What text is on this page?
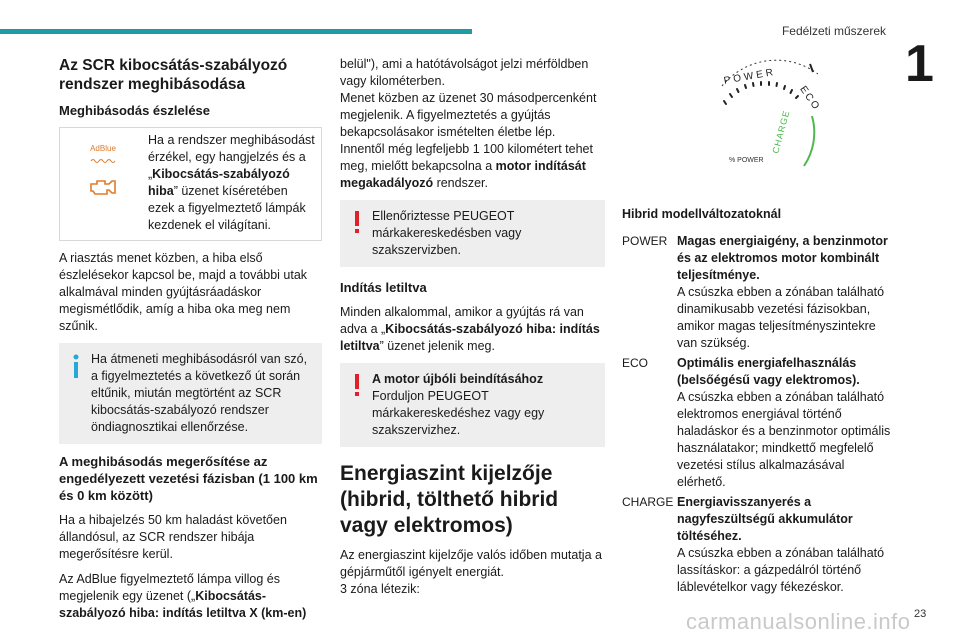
Fedélzeti műszerek
1
Az SCR kibocsátás-szabályozó rendszer meghibásodása
Meghibásodás észlelése
AdBlue
Ha a rendszer meghibásodást érzékel, egy hangjelzés és a „Kibocsátás-szabályozó hiba” üzenet kíséretében ezek a figyelmeztető lámpák kezdenek el világítani.

A riasztás menet közben, a hiba első észlelésekor kapcsol be, majd a további utak alkalmával minden gyújtásráadáskor megismétlődik, amíg a hiba oka meg nem szűnik.

Ha átmeneti meghibásodásról van szó, a figyelmeztetés a következő út során eltűnik, miután megtörtént az SCR kibocsátás-szabályozó rendszer öndiagnosztikai ellenőrzése.
A meghibásodás megerősítése az engedélyezett vezetési fázisban (1 100 km és 0 km között)

Ha a hibajelzés 50 km haladást követően állandósul, az SCR rendszer hibája megerősítésre kerül.

Az AdBlue figyelmeztető lámpa villog és megjelenik egy üzenet („Kibocsátás-szabályozó hiba: indítás letiltva X (km-en)

belül"), ami a hatótávolságot jelzi mérföldben vagy kilométerben.

Menet közben az üzenet 30 másodpercenként megjelenik. A figyelmeztetés a gyújtás bekapcsolásakor ismételten életbe lép.

Innentől még legfeljebb 1 100 kilométert tehet meg, mielőtt bekapcsolna a motor indítását megakadályozó rendszer.

Ellenőriztesse PEUGEOT márkakereskedésben vagy szakszervizben.
Indítás letiltva

Minden alkalommal, amikor a gyújtás rá van adva a „Kibocsátás-szabályozó hiba: indítás letiltva” üzenet jelenik meg.

A motor újbóli beindításához
Forduljon PEUGEOT márkakereskedéshez vagy egy szakszervizhez.
Energiaszint kijelzője (hibrid, tölthető hibrid vagy elektromos)

Az energiaszint kijelzője valós időben mutatja a gépjárműtől igényelt energiát.

3 zóna létezik:

POWER
ECO
CHARGE
% POWER
Hibrid modellváltozatoknál
POWER Magas energiaigény, a benzinmotor és az elektromos motor kombinált teljesítménye.
A csúszka ebben a zónában található dinamikusabb vezetési fázisokban, amikor magas teljesítményszintekre van szükség.
ECO	Optimális energiafelhasználás (belsőégésű vagy elektromos).
A csúszka ebben a zónában található elektromos energiával történő haladáskor és a benzinmotor optimális használatakor; mindkettő megfelelő vezetési stílus alkalmazásával elérhető.
CHARGE Energiavisszanyerés a nagyfeszültségű akkumulátor töltéséhez.
A csúszka ebben a zónában található lassításkor: a gázpedálról történő láblevételkor vagy fékezéskor.
carmanualsonline.info 23
